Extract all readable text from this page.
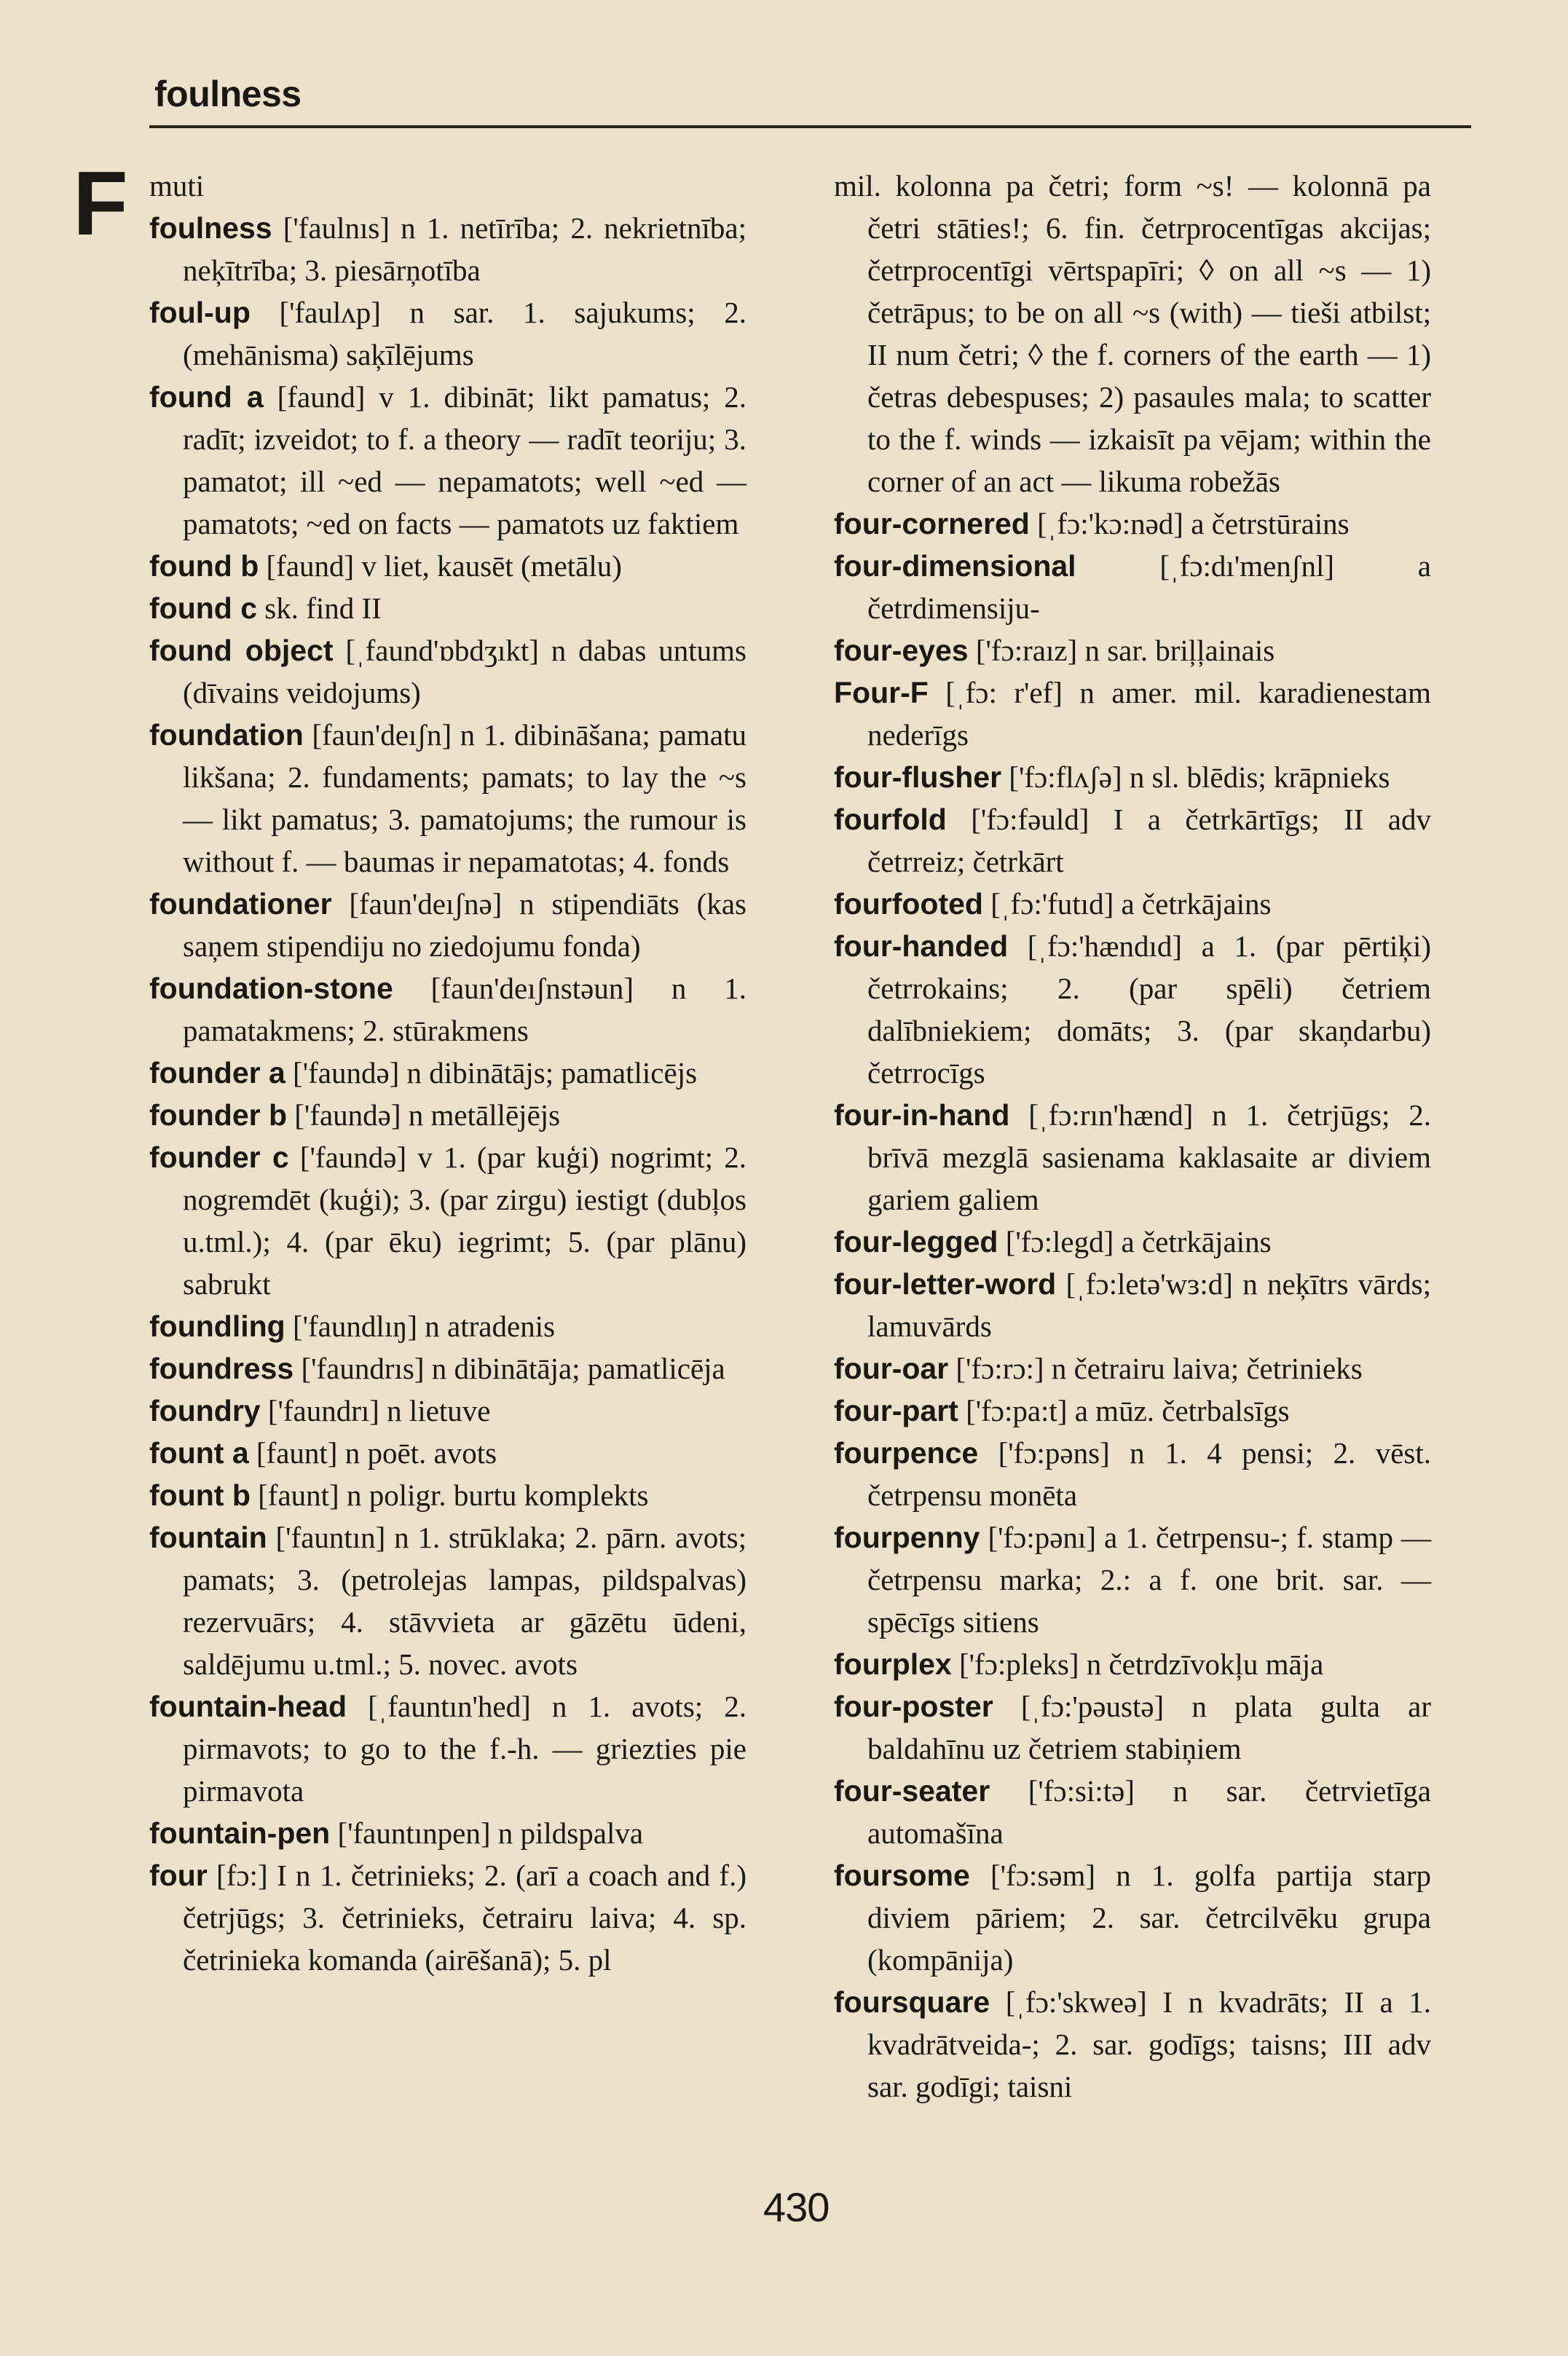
foulness
F muti

foulness ['faulnıs] n 1. netīrība; 2. nekrietnība; neķītrība; 3. piesārņotība

foul-up ['faulʌp] n sar. 1. sajukums; 2. (mehānisma) saķīlējums

found a [faund] v 1. dibināt; likt pamatus; 2. radīt; izveidot; to f. a theory — radīt teoriju; 3. pamatot; ill ~ed — nepamatots; well ~ed — pamatots; ~ed on facts — pamatots uz faktiem

found b [faund] v liet, kausēt (metālu)

found c sk. find II

found object [ˌfaund'ɒbdʒıkt] n dabas untums (dīvains veidojums)

foundation [faun'deıʃn] n 1. dibināšana; pamatu likšana; 2. fundaments; pamats; to lay the ~s — likt pamatus; 3. pamatojums; the rumour is without f. — baumas ir nepamatotas; 4. fonds

foundationer [faun'deıʃnə] n stipendiāts (kas saņem stipendiju no ziedojumu fonda)

foundation-stone [faun'deıʃnstəun] n 1. pamatakmens; 2. stūrakmens

founder a ['faundə] n dibinātājs; pamatlicējs

founder b ['faundə] n metāllējējs

founder c ['faundə] v 1. (par kuģi) nogrimt; 2. nogremdēt (kuģi); 3. (par zirgu) iestigt (dubļos u.tml.); 4. (par ēku) iegrimt; 5. (par plānu) sabrukt

foundling ['faundlıŋ] n atradenis

foundress ['faundrıs] n dibinātāja; pamatlicēja

foundry ['faundrı] n lietuve

fount a [faunt] n poēt. avots

fount b [faunt] n poligr. burtu komplekts

fountain ['fauntın] n 1. strūklaka; 2. pārn. avots; pamats; 3. (petrolejas lampas, pildspalvas) rezervuārs; 4. stāvvieta ar gāzētu ūdeni, saldējumu u.tml.; 5. novec. avots

fountain-head [ˌfauntın'hed] n 1. avots; 2. pirmavots; to go to the f.-h. — griezties pie pirmavota

fountain-pen ['fauntınpen] n pildspalva

four [fɔ:] I n 1. četrinieks; 2. (arī a coach and f.) četrjūgs; 3. četrinieks, četrairu laiva; 4. sp. četrinieka komanda (airēšanā); 5. pl

mil. kolonna pa četri; form ~s! — kolonnā pa četri stāties!; 6. fin. četrprocentīgas akcijas; četrprocentīgi vērtspapīri; ◊ on all ~s — 1) četrāpus; to be on all ~s (with) — tieši atbilst; II num četri; ◊ the f. corners of the earth — 1) četras debespuses; 2) pasaules mala; to scatter to the f. winds — izkaisīt pa vējam; within the corner of an act — likuma robežās

four-cornered [ˌfɔ:'kɔ:nəd] a četrstūrains

four-dimensional [ˌfɔ:dı'menʃnl] a četrdimensiju-

four-eyes ['fɔ:raız] n sar. briļļainais

Four-F [ˌfɔ: r'ef] n amer. mil. karadienestam nederīgs

four-flusher ['fɔ:flʌʃə] n sl. blēdis; krāpnieks

fourfold ['fɔ:fəuld] I a četrkārtīgs; II adv četrreiz; četrkārt

fourfooted [ˌfɔ:'futıd] a četrkājains

four-handed [ˌfɔ:'hændıd] a 1. (par pērtiķi) četrrokains; 2. (par spēli) četriem dalībniekiem; domāts; 3. (par skaņdarbu) četrrocīgs

four-in-hand [ˌfɔ:rın'hænd] n 1. četrjūgs; 2. brīvā mezglā sasienama kaklasaite ar diviem gariem galiem

four-legged ['fɔ:legd] a četrkājains

four-letter-word [ˌfɔ:letə'wɜ:d] n neķītrs vārds; lamuvārds

four-oar ['fɔ:rɔ:] n četrairu laiva; četrinieks

four-part ['fɔ:pa:t] a mūz. četrbalsīgs

fourpence ['fɔ:pəns] n 1. 4 pensi; 2. vēst. četrpensu monēta

fourpenny ['fɔ:pənı] a 1. četrpensu-; f. stamp — četrpensu marka; 2.: a f. one brit. sar. — spēcīgs sitiens

fourplex ['fɔ:pleks] n četrdzīvokļu māja

four-poster [ˌfɔ:'pəustə] n plata gulta ar baldahīnu uz četriem stabiņiem

four-seater ['fɔ:si:tə] n sar. četrvietīga automašīna

foursome ['fɔ:səm] n 1. golfa partija starp diviem pāriem; 2. sar. četrcilvēku grupa (kompānija)

foursquare [ˌfɔ:'skweə] I n kvadrāts; II a 1. kvadrātveida-; 2. sar. godīgs; taisns; III adv sar. godīgi; taisni

430
